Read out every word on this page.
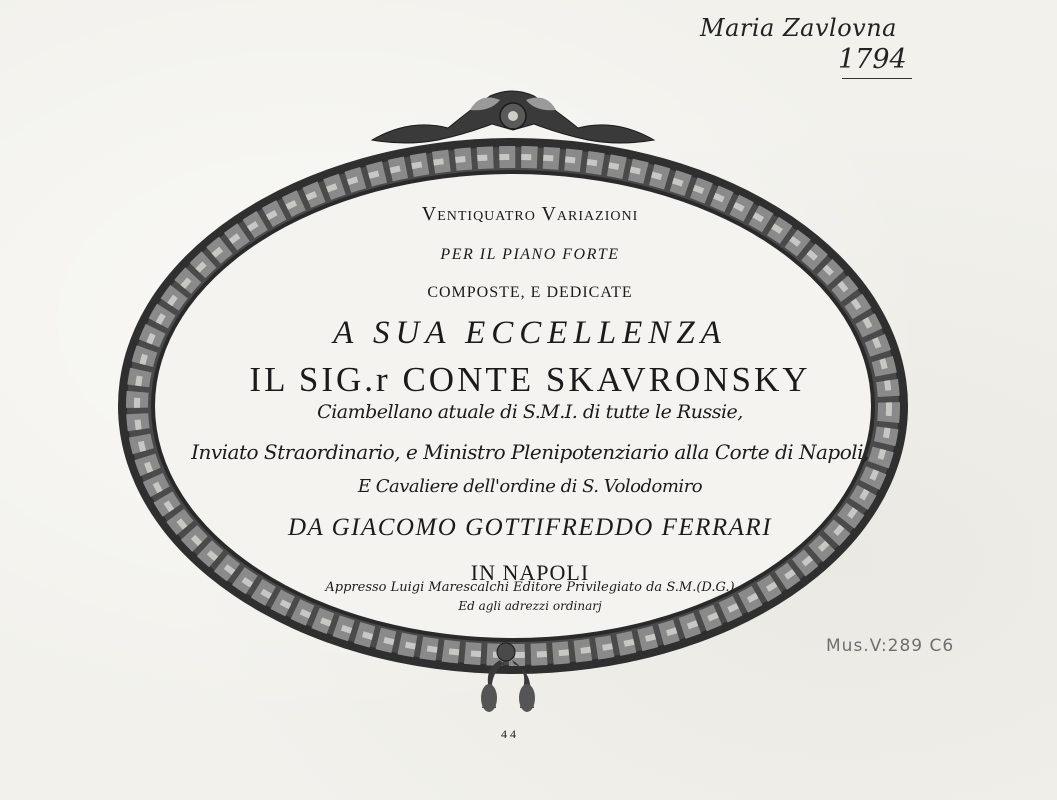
Maria Zavlovna
1794
Ventiquatro Variazioni
PER IL PIANO FORTE
COMPOSTE, E DEDICATE
A SUA ECCELLENZA
IL SIG.r CONTE SKAVRONSKY
Ciambellano atuale di S.M.I. di tutte le Russie,
Inviato Straordinario, e Ministro Plenipotenziario alla Corte di Napoli,
E Cavaliere dell'ordine di S. Volodomiro
DA GIACOMO GOTTIFREDDO FERRARI
IN NAPOLI
Appresso Luigi Marescalchi Editore Privilegiato da S.M.(D.G.)
Ed agli adrezzi ordinarj
44
Mus.V:289 C6
